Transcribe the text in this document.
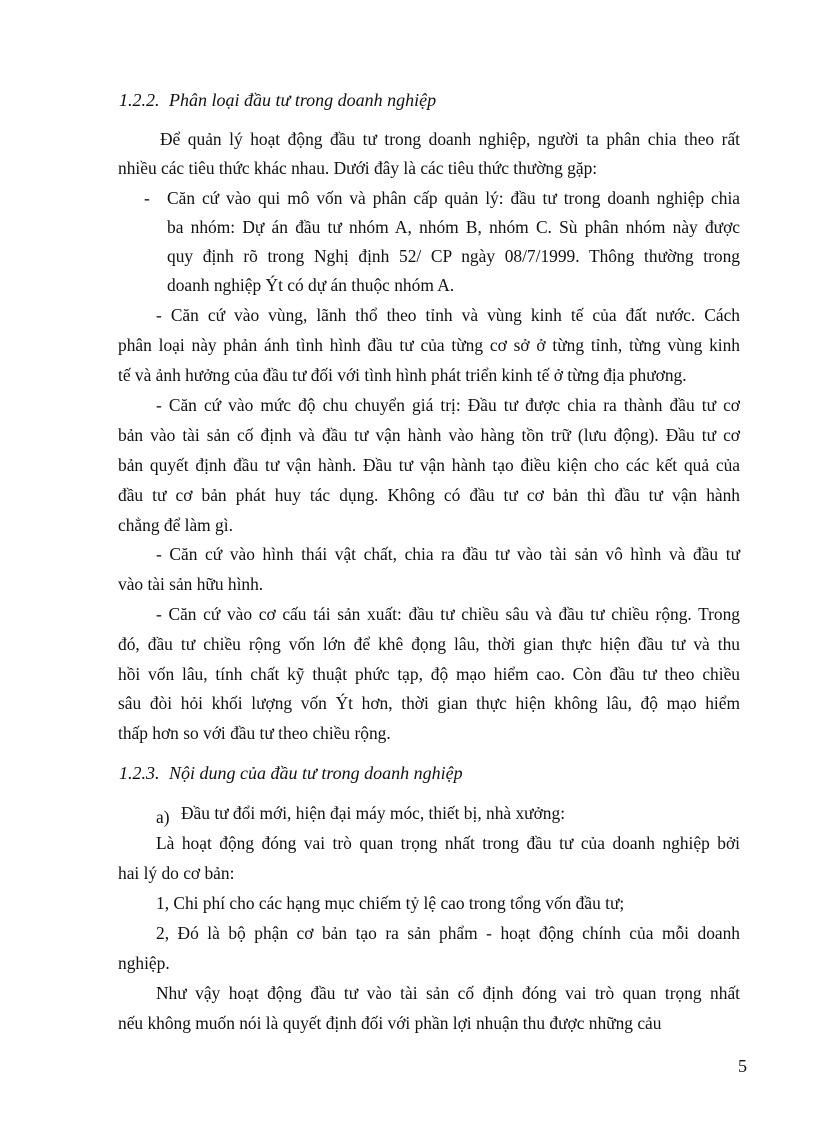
1.2.2. Phân loại đầu tư trong doanh nghiệp
Để quản lý hoạt động đầu tư trong doanh nghiệp, người ta phân chia theo rất
nhiều các tiêu thức khác nhau. Dưới đây là các tiêu thức thường gặp:
- Căn cứ vào qui mô vốn và phân cấp quản lý: đầu tư trong doanh nghiệp chia
ba nhóm: Dự án đầu tư nhóm A, nhóm B, nhóm C. Sù phân nhóm này được
quy định rõ trong Nghị định 52/ CP ngày 08/7/1999. Thông thường trong
doanh nghiệp Ýt có dự án thuộc nhóm A.
- Căn cứ vào vùng, lãnh thổ theo tỉnh và vùng kinh tế của đất nước. Cách
phân loại này phản ánh tình hình đầu tư của từng cơ sở ở từng tỉnh, từng vùng kinh
tế và ảnh hưởng của đầu tư đối với tình hình phát triển kinh tế ở từng địa phương.
- Căn cứ vào mức độ chu chuyển giá trị: Đầu tư được chia ra thành đầu tư cơ
bản vào tài sản cố định và đầu tư vận hành vào hàng tồn trữ (lưu động). Đầu tư cơ
bản quyết định đầu tư vận hành. Đầu tư vận hành tạo điều kiện cho các kết quả của
đầu tư cơ bản phát huy tác dụng. Không có đầu tư cơ bản thì đầu tư vận hành
chẳng để làm gì.
- Căn cứ vào hình thái vật chất, chia ra đầu tư vào tài sản vô hình và đầu tư
vào tài sản hữu hình.
- Căn cứ vào cơ cấu tái sản xuất: đầu tư chiều sâu và đầu tư chiều rộng. Trong
đó, đầu tư chiều rộng vốn lớn để khê đọng lâu, thời gian thực hiện đầu tư và thu
hồi vốn lâu, tính chất kỹ thuật phức tạp, độ mạo hiểm cao. Còn đầu tư theo chiều
sâu đòi hỏi khối lượng vốn Ýt hơn, thời gian thực hiện không lâu, độ mạo hiểm
thấp hơn so với đầu tư theo chiều rộng.
1.2.3. Nội dung của đầu tư trong doanh nghiệp
a) Đầu tư đổi mới, hiện đại máy móc, thiết bị, nhà xưởng:
Là hoạt động đóng vai trò quan trọng nhất trong đầu tư của doanh nghiệp bởi
hai lý do cơ bản:
1, Chi phí cho các hạng mục chiếm tỷ lệ cao trong tổng vốn đầu tư;
2, Đó là bộ phận cơ bản tạo ra sản phẩm - hoạt động chính của mỗi doanh
nghiệp.
Như vậy hoạt động đầu tư vào tài sản cố định đóng vai trò quan trọng nhất
nếu không muốn nói là quyết định đối với phần lợi nhuận thu được những cảu
5
